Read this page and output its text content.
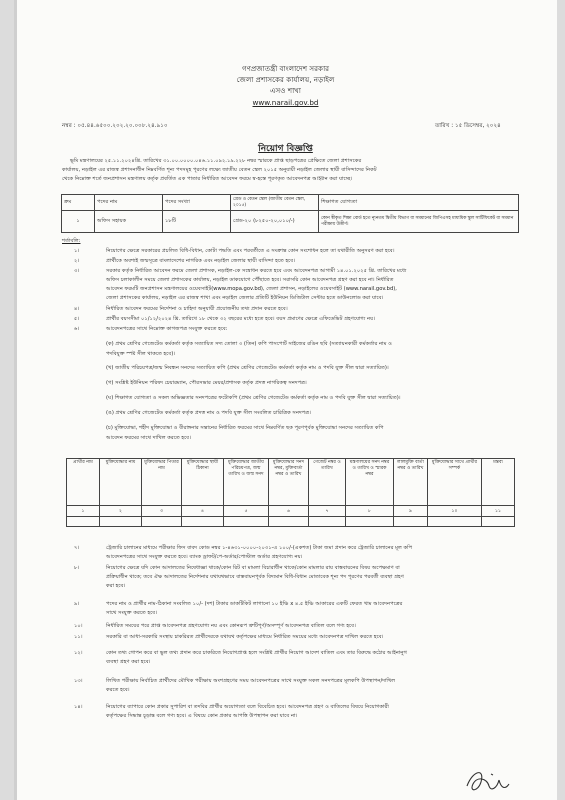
গণপ্রজাতন্ত্রী বাংলাদেশ সরকার
জেলা প্রশাসকের কার্যালয়, নড়াইল
এসও শাখা
www.narail.gov.bd
নম্বর : ০৫.৪৪.৬৫০০.২০২.২০.০০৮.২৪.৯১০	তারিখ : ১৫ ডিসেম্বর, ২০২৪
নিয়োগ বিজ্ঞপ্তি
ভূমি মন্ত্রণালয়ের ২৫.১১.২০২৪খ্রি. তারিখের ৩১.০০.০০০০.০৪৬.১১.০৯২.১৯.২২৮ নম্বর স্মারকে প্রাপ্ত ছাড়পত্রের প্রেক্ষিতে জেলা প্রশাসকের
কার্যালয়, নড়াইল এর রাজস্ব প্রশাসনাধীন নিম্নবর্ণিত শূন্য পদসমূহ পূরণের লক্ষ্যে জাতীয় বেতন স্কেল ২০১৫ অনুযায়ী নড়াইল জেলার স্থায়ী বাসিন্দাদের নিকট
থেকে নিম্নোক্ত শর্তে জনপ্রশাসন মন্ত্রণালয় কর্তৃক প্রবর্তিত এক পাতার নির্ধারিত আবেদন ফরমে স্ব-হস্তে পূরণকৃত আবেদনপত্র আহ্বান করা যাচ্ছে।
ক্রম	পদের নাম	পদের সংখ্যা	গ্রেড ও বেতন স্কেল (জাতীয় বেতন স্কেল, ২০১৫)	শিক্ষাগত যোগ্যতা
১	অফিস সহায়ক	১৮টি	গ্রেড-২০ (৮২৫০-২০,০১০/-)	কোন স্বীকৃত শিক্ষা বোর্ড হতে ন্যূনতম দ্বিতীয় বিভাগ বা সমমানের জিপিএসহ মাধ্যমিক স্কুল সার্টিফিকেট বা সমমান পরীক্ষায় উত্তীর্ণ।
শর্তাবলি:
১।	নিয়োগের ক্ষেত্রে সরকারের প্রচলিত বিধি-বিধান, কোটা পদ্ধতি এবং পরবর্তীতে এ সংক্রান্ত কোন সংশোধন হলে তা যথারীতি অনুসরণ করা হবে।
২।	প্রার্থীকে অবশ্যই জন্মসূত্রে বাংলাদেশের নাগরিক এবং নড়াইল জেলার স্থায়ী বাসিন্দা হতে হবে।
৩।	সরকার কর্তৃক নির্ধারিত আবেদন ফরমে জেলা প্রশাসক, নড়াইল-কে সম্বোধন করতে হবে এবং আবেদনপত্র আগামী ১৪.০১.২০২৫ খ্রি. তারিখের মধ্যে
অফিস চলাকালীন সময়ে জেলা প্রশাসকের কার্যালয়, নড়াইল ডাকযোগে পৌঁছাতে হবে। সরাসরি কোন আবেদনপত্র গ্রহণ করা হবে না। নির্ধারিত
আবেদন ফরমটি জনপ্রশাসন মন্ত্রণালয়ের ওয়েবসাইট(www.mopa.gov.bd), জেলা প্রশাসন, নড়াইলের ওয়েবসাইট (www.narail.gov.bd),
জেলা প্রশাসকের কার্যালয়, নড়াইল এর রাজস্ব শাখা এবং নড়াইল জেলার প্রতিটি ইউনিয়ন ডিজিটাল সেন্টার হতে ডাউনলোড করা যাবে।
৪।	নির্ধারিত আবেদন ফরমের নির্দেশনা ও চাহিদা অনুযায়ী প্রয়োজনীয় তথ্য প্রদান করতে হবে।
৫।	প্রার্থীর বয়সসীমা ০১/১২/২০২৪ খ্রি. তারিখে ১৮ থেকে ৩২ বছরের মধ্যে হতে হবে। বয়স প্রমাণের ক্ষেত্রে এফিডেভিট গ্রহণযোগ্য নয়।
৬।	আবেদনপত্রের সাথে নিম্নোক্ত কাগজপত্র সংযুক্ত করতে হবে:
(ক) প্রথম শ্রেণির গেজেটেড কর্মকর্তা কর্তৃক সত্যায়িত সদ্য তোলা ৩ (তিন) কপি পাসপোর্ট সাইজের রঙিন ছবি (সত্যায়নকারী কর্মকর্তার নাম ও
পদবিযুক্ত স্পষ্ট সীল থাকতে হবে)।
(খ) জাতীয় পরিচয়পত্র/জন্ম নিবন্ধন সনদের সত্যায়িত কপি (প্রথম শ্রেণির গেজেটেড কর্মকর্তা কর্তৃক নাম ও পদবি যুক্ত সীল দ্বারা সত্যায়িত)।
(গ) সংশ্লিষ্ট ইউনিয়ন পরিষদ চেয়ারম্যান, পৌরসভার মেয়র/প্রশাসক কর্তৃক প্রদত্ত নাগরিকত্ব সনদপত্র।
(ঘ) শিক্ষাগত যোগ্যতা ও সকল অভিজ্ঞতার সনদপত্রের ফটোকপি (প্রথম শ্রেণির গেজেটেড কর্মকর্তা কর্তৃক নাম ও পদবি যুক্ত সীল দ্বারা সত্যায়িত)।
(ঙ) প্রথম শ্রেণির গেজেটেড কর্মকর্তা কর্তৃক প্রদত্ত নাম ও পদবি যুক্ত সীল সংবলিত চারিত্রিক সনদপত্র।
(চ) মুক্তিযোদ্ধা, শহীদ মুক্তিযোদ্ধা ও বীরাঙ্গনার সন্তানের নির্ধারিত ফরমের সাথে নিম্নবর্ণিত ছক পূরণপূর্বক মুক্তিযোদ্ধা সনদের সত্যায়িত কপি
আবেদন ফরমের সাথে দাখিল করতে হবে।
প্রার্থীর নাম	মুক্তিযোদ্ধার নাম	মুক্তিযোদ্ধার পিতার নাম	মুক্তিযোদ্ধার স্থায়ী ঠিকানা	মুক্তিযোদ্ধার জাতীয় পরিচয়পত্র, জন্ম তারিখ ও জন্ম সনদ	মুক্তিযোদ্ধার সনদ নম্বর, মুক্তিবার্তা নম্বর ও তারিখ	গেজেট নম্বর ও তারিখ	মন্ত্রণালয়ের সনদ নম্বর ও তারিখ ও স্মারক নম্বর	লালমুক্তি বার্তা নম্বর ও তারিখ	মুক্তিযোদ্ধার সাথে প্রার্থীর সম্পর্ক	মন্তব্য
১	২	৩	৪	৫	৬	৭	৮	৯	১০	১১

৭।	ট্রেজারি চালানের মাধ্যমে পরীক্ষার ফিস বাবদ কোড নম্বর ১-৪৬৩১-০০০০-২০৩১-এ ১০০/-(একশত) টাকা জমা প্রদান করে ট্রেজারি চালানের মূল কপি
আবেদনপত্রের সাথে সংযুক্ত করতে হবে। ব্যাংক ড্রাফট/পে-অর্ডার/পোস্টাল অর্ডার গ্রহণযোগ্য নয়।
৮।	নিয়োগের ক্ষেত্রে যদি কোন আদালতের নিষেধাজ্ঞা থাকে/কোন রিট বা মামলা বিচারাধীন থাকে/কোন মামলার রায় বাস্তবায়নের বিষয় অপেক্ষমাণ বা
প্রক্রিয়াধীন থাকে; তবে ঐক্ষ আদালতের নির্দেশনার যথাযথভাবে বাস্তবায়নপূর্বক বিদ্যমান বিধি-বিধান মোতাবেক শূন্য পদ পূরণের পরবর্তী ব্যবস্থা গ্রহণ
করা হবে।
৯।	পদের নাম ও প্রার্থীর নাম-ঠিকানা সংবলিত ১০/- (দশ) টাকার ডাকটিকিট লাগানো ১০ ইঞ্চি x ৪.৫ ইঞ্চি আকারের একটি ফেরত খাম আবেদনপত্রের
সাথে সংযুক্ত করতে হবে।
১০।	নির্ধারিত সময়ের পরে প্রাপ্ত আবেদনপত্র গ্রহণযোগ্য নয় এবং কোনরূপ ত্রুটিপূর্ণ/অসম্পূর্ণ আবেদনপত্র বাতিল বলে গণ্য হবে।
১১।	সরকারি বা আধা-সরকারি সংস্থায় চাকরিরত প্রার্থীদেরকে যথাযথ কর্তৃপক্ষের মাধ্যমে নির্ধারিত সময়ের মধ্যে আবেদনপত্র দাখিল করতে হবে।
১২।	কোন তথ্য গোপন করে বা ভুল তথ্য প্রদান করে চাকরিতে নিয়োগপ্রাপ্ত হলে সংশ্লিষ্ট প্রার্থীর নিয়োগ আদেশ বাতিল এবং তার বিরুদ্ধে কঠোর আইনানুগ
ব্যবস্থা গ্রহণ করা হবে।
১৩।	লিখিত পরীক্ষায় নির্বাচিত প্রার্থীদের মৌখিক পরীক্ষায় অংশগ্রহণের সময় আবেদনপত্রের সাথে সংযুক্ত সকল সনদপত্রের মূলকপি উপস্থাপন/দাখিল
করতে হবে।
১৪।	নিয়োগের ব্যাপারে কোন প্রকার সুপারিশ বা তদবির প্রার্থীর অযোগ্যতা বলে বিবেচিত হবে। আবেদনপত্র গ্রহণ ও বাতিলের বিষয়ে নিয়োগকারী
কর্তৃপক্ষের সিদ্ধান্ত চূড়ান্ত বলে গণ্য হবে। এ বিষয়ে কোন প্রকার আপত্তি উপস্থাপন করা যাবে না।
